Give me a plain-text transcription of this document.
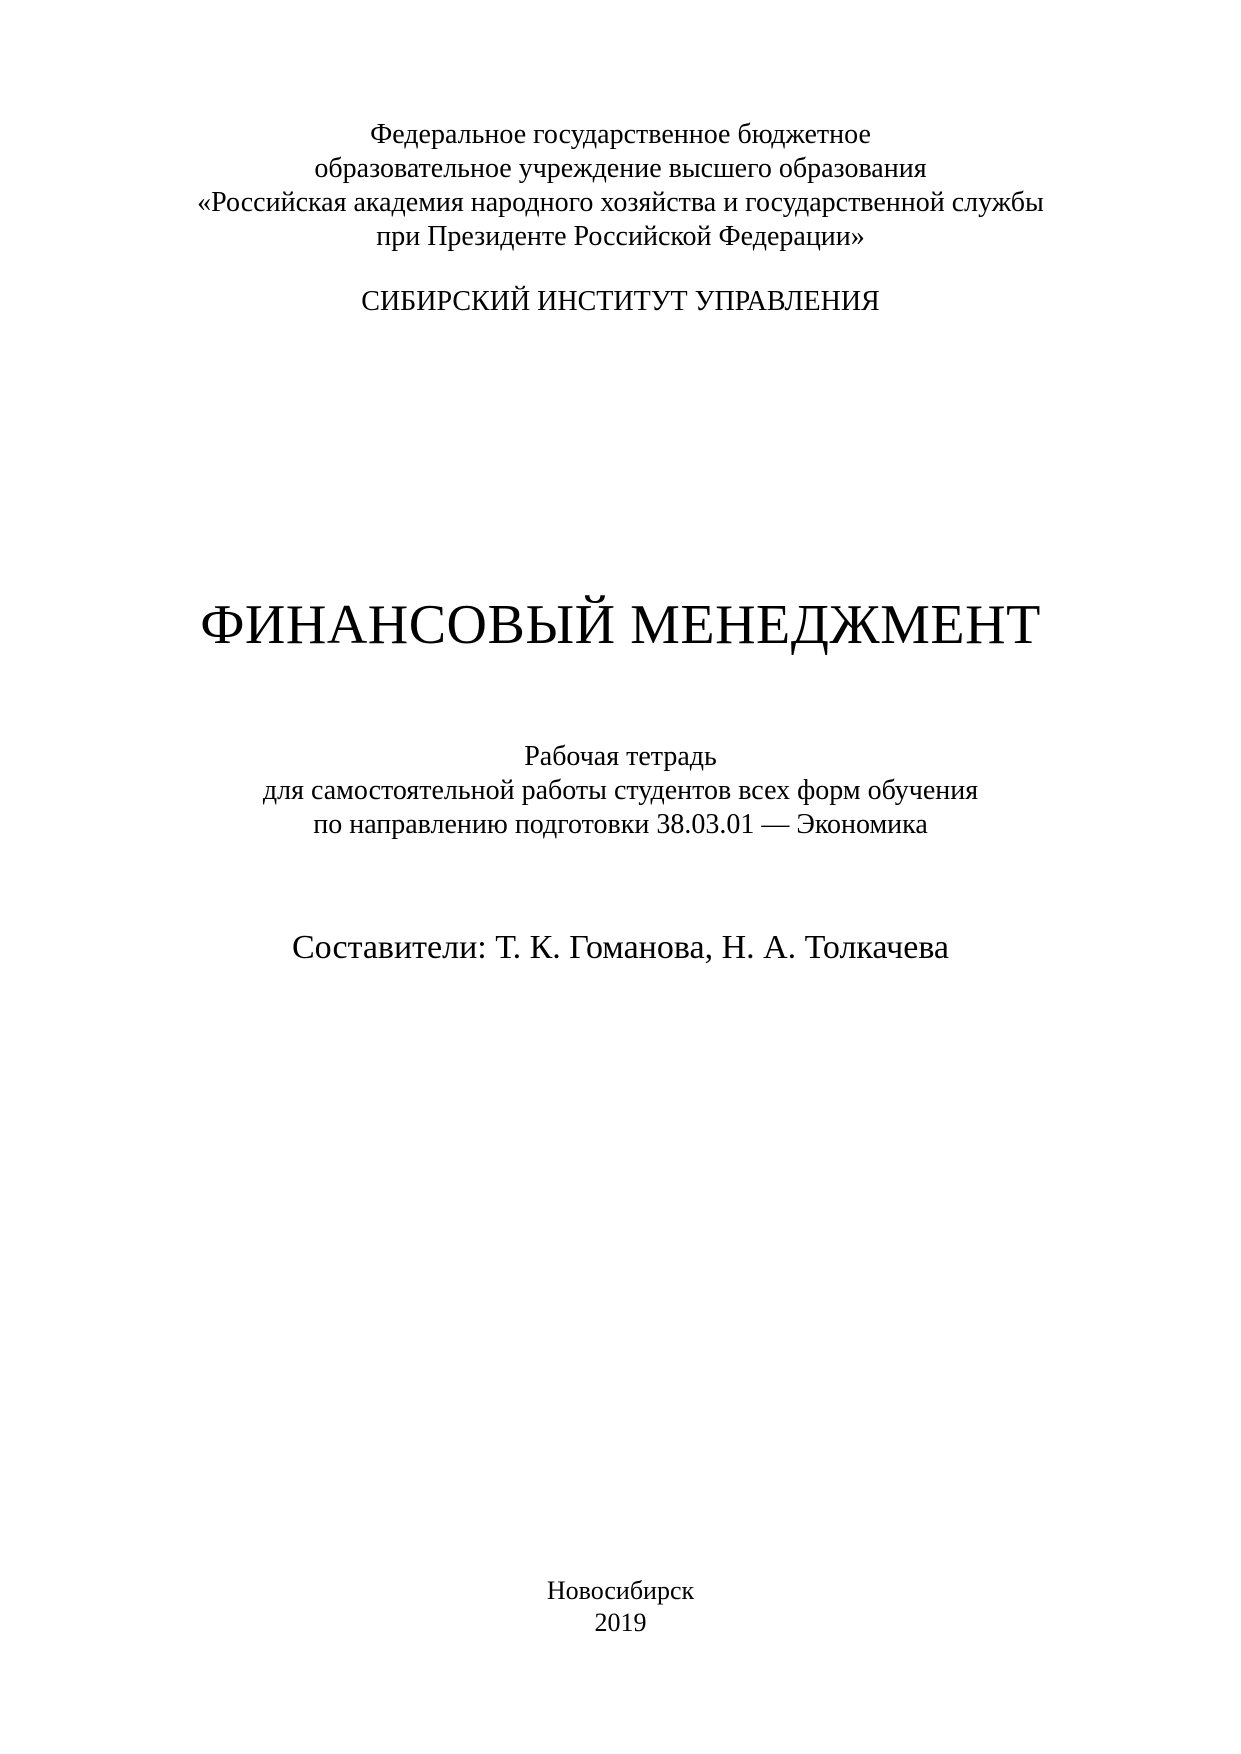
Федеральное государственное бюджетное
образовательное учреждение высшего образования
«Российская академия народного хозяйства и государственной службы
при Президенте Российской Федерации»
СИБИРСКИЙ ИНСТИТУТ УПРАВЛЕНИЯ
ФИНАНСОВЫЙ МЕНЕДЖМЕНТ
Рабочая тетрадь
для самостоятельной работы студентов всех форм обучения
по направлению подготовки 38.03.01 — Экономика
Составители: Т. К. Гоманова, Н. А. Толкачева
Новосибирск
2019
